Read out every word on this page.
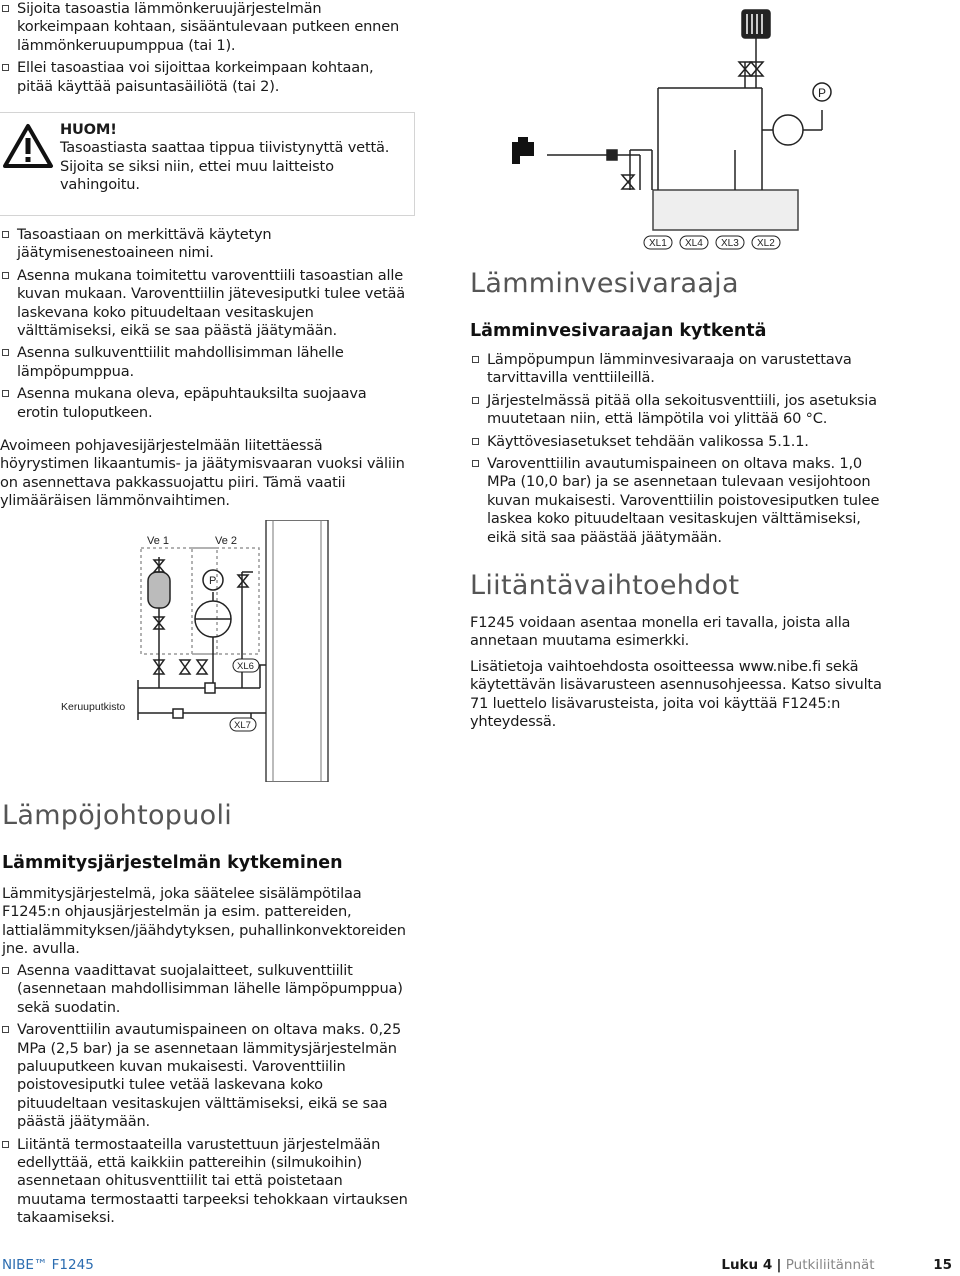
Sijoita tasoastia lämmönkeruujärjestelmän korkeimpaan kohtaan, sisääntulevaan putkeen ennen lämmönkeruupumppua (tai 1).
Ellei tasoastiaa voi sijoittaa korkeimpaan kohtaan, pitää käyttää paisuntasäiliötä (tai 2).
HUOM!
Tasoastiasta saattaa tippua tiivistynyttä vettä. Sijoita se siksi niin, ettei muu laitteisto vahingoitu.
Tasoastiaan on merkittävä käytetyn jäätymisenestoaineen nimi.
Asenna mukana toimitettu varoventtiili tasoastian alle kuvan mukaan. Varoventtiilin jätevesiputki tulee vetää laskevana koko pituudeltaan vesitaskujen välttämiseksi, eikä se saa päästä jäätymään.
Asenna sulkuventtiilit mahdollisimman lähelle lämpöpumppua.
Asenna mukana oleva, epäpuhtauksilta suojaava erotin tuloputkeen.

Avoimeen pohjavesijärjestelmään liitettäessä höyrystimen likaantumis- ja jäätymisvaaran vuoksi väliin on asennettava pakkassuojattu piiri. Tämä vaatii ylimääräisen lämmönvaihtimen.

Ve 1	Ve 2
P
XL6
XL7
Keruuputkisto
P
XL1 XL4 XL3 XL2
Lämminvesivaraaja
Lämminvesivaraajan kytkentä
Lämpöpumpun lämminvesivaraaja on varustettava tarvittavilla venttiileillä.
Järjestelmässä pitää olla sekoitusventtiili, jos asetuksia muutetaan niin, että lämpötila voi ylittää 60 °C.
Käyttövesiasetukset tehdään valikossa 5.1.1.
Varoventtiilin avautumispaineen on oltava maks. 1,0 MPa (10,0 bar) ja se asennetaan tulevaan vesijohtoon kuvan mukaisesti. Varoventtiilin poistovesiputken tulee laskea koko pituudeltaan vesitaskujen välttämiseksi, eikä sitä saa päästää jäätymään.
Liitäntävaihtoehdot

F1245 voidaan asentaa monella eri tavalla, joista alla annetaan muutama esimerkki.

Lisätietoja vaihtoehdosta osoitteessa www.nibe.fi sekä käytettävän lisävarusteen asennusohjeessa. Katso sivulta 71 luettelo lisävarusteista, joita voi käyttää F1245:n yhteydessä.

Lämpöjohtopuoli
Lämmitysjärjestelmän kytkeminen

Lämmitysjärjestelmä, joka säätelee sisälämpötilaa F1245:n ohjausjärjestelmän ja esim. pattereiden, lattialämmityksen/jäähdytyksen, puhallinkonvektoreiden jne. avulla.

Asenna vaadittavat suojalaitteet, sulkuventtiilit (asennetaan mahdollisimman lähelle lämpöpumppua) sekä suodatin.
Varoventtiilin avautumispaineen on oltava maks. 0,25 MPa (2,5 bar) ja se asennetaan lämmitysjärjestelmän paluuputkeen kuvan mukaisesti. Varoventtiilin poistovesiputki tulee vetää laskevana koko pituudeltaan vesitaskujen välttämiseksi, eikä se saa päästä jäätymään.
Liitäntä termostaateilla varustettuun järjestelmään edellyttää, että kaikkiin pattereihin (silmukoihin) asennetaan ohitusventtiilit tai että poistetaan muutama termostaatti tarpeeksi tehokkaan virtauksen takaamiseksi.
NIBE™ F1245	Luku 4 | Putkiliitännät	15
